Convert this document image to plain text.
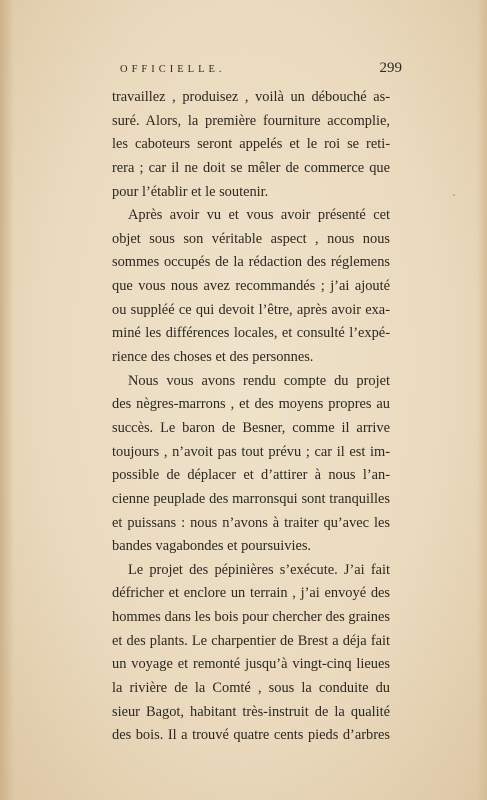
OFFICIELLE.	299
travaillez , produisez , voilà un débouché as-
suré. Alors, la première fourniture accomplie,
les caboteurs seront appelés et le roi se reti-
rera ; car il ne doit se mêler de commerce que
pour l’établir et le soutenir.
Après avoir vu et vous avoir présenté cet
objet sous son véritable aspect , nous nous
sommes occupés de la rédaction des réglemens
que vous nous avez recommandés ; j’ai ajouté
ou suppléé ce qui devoit l’être, après avoir exa-
miné les différences locales, et consulté l’expé-
rience des choses et des personnes.
Nous vous avons rendu compte du projet
des nègres-marrons , et des moyens propres au
succès. Le baron de Besner, comme il arrive
toujours , n’avoit pas tout prévu ; car il est im-
possible de déplacer et d’attirer à nous l’an-
cienne peuplade des marronsqui sont tranquilles
et puissans : nous n’avons à traiter qu’avec les
bandes vagabondes et poursuivies.
Le projet des pépinières s’exécute. J’ai fait
défricher et enclore un terrain , j’ai envoyé des
hommes dans les bois pour chercher des graines
et des plants. Le charpentier de Brest a déja fait
un voyage et remonté jusqu’à vingt-cinq lieues
la rivière de la Comté , sous la conduite du
sieur Bagot, habitant très-instruit de la qualité
des bois. Il a trouvé quatre cents pieds d’arbres
˛
